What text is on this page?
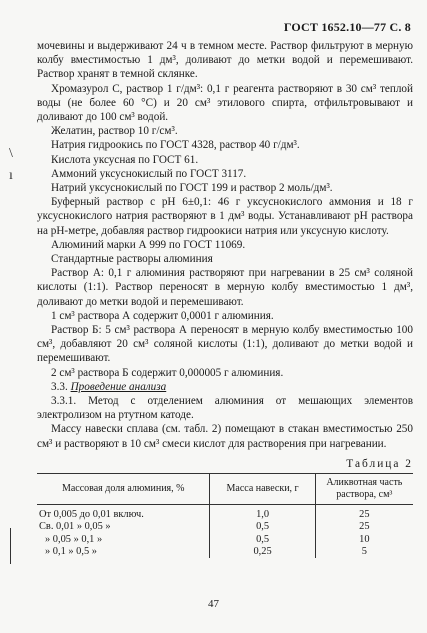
ГОСТ 1652.10—77 С. 8
\
ı

мочевины и выдерживают 24 ч в темном месте. Раствор фильтруют в мерную колбу вместимостью 1 дм³, доливают до метки водой и перемешивают. Раствор хранят в темной склянке.

Хромазурол С, раствор 1 г/дм³: 0,1 г реагента растворяют в 30 см³ теплой воды (не более 60 °С) и 20 см³ этилового спирта, отфильтровывают и доливают до 100 см³ водой.

Желатин, раствор 10 г/см³.

Натрия гидроокись по ГОСТ 4328, раствор 40 г/дм³.

Кислота уксусная по ГОСТ 61.

Аммоний уксуснокислый по ГОСТ 3117.

Натрий уксуснокислый по ГОСТ 199 и раствор 2 моль/дм³.

Буферный раствор с рН 6±0,1: 46 г уксуснокислого аммония и 18 г уксуснокислого натрия растворяют в 1 дм³ воды. Устанавливают рН раствора на рН-метре, добавляя раствор гидроокиси натрия или уксусную кислоту.

Алюминий марки А 999 по ГОСТ 11069.

Стандартные растворы алюминия

Раствор А: 0,1 г алюминия растворяют при нагревании в 25 см³ соляной кислоты (1:1). Раствор переносят в мерную колбу вместимостью 1 дм³, доливают до метки водой и перемешивают.

1 см³ раствора А содержит 0,0001 г алюминия.

Раствор Б: 5 см³ раствора А переносят в мерную колбу вместимостью 100 см³, добавляют 20 см³ соляной кислоты (1:1), доливают до метки водой и перемешивают.

2 см³ раствора Б содержит 0,000005 г алюминия.

3.3. Проведение анализа

3.3.1. Метод с отделением алюминия от мешающих элементов электролизом на ртутном катоде.

Массу навески сплава (см. табл. 2) помещают в стакан вместимостью 250 см³ и растворяют в 10 см³ смеси кислот для растворения при нагревании.

Таблица 2
Массовая доля алюминия, %	Масса навески, г	Аликвотная часть раствора, см³
От 0,005 до 0,01 включ.	1,0	25
Св. 0,01 » 0,05 »	0,5	25
» 0,05 » 0,1 »	0,5	10
» 0,1 » 0,5 »	0,25	5
47
